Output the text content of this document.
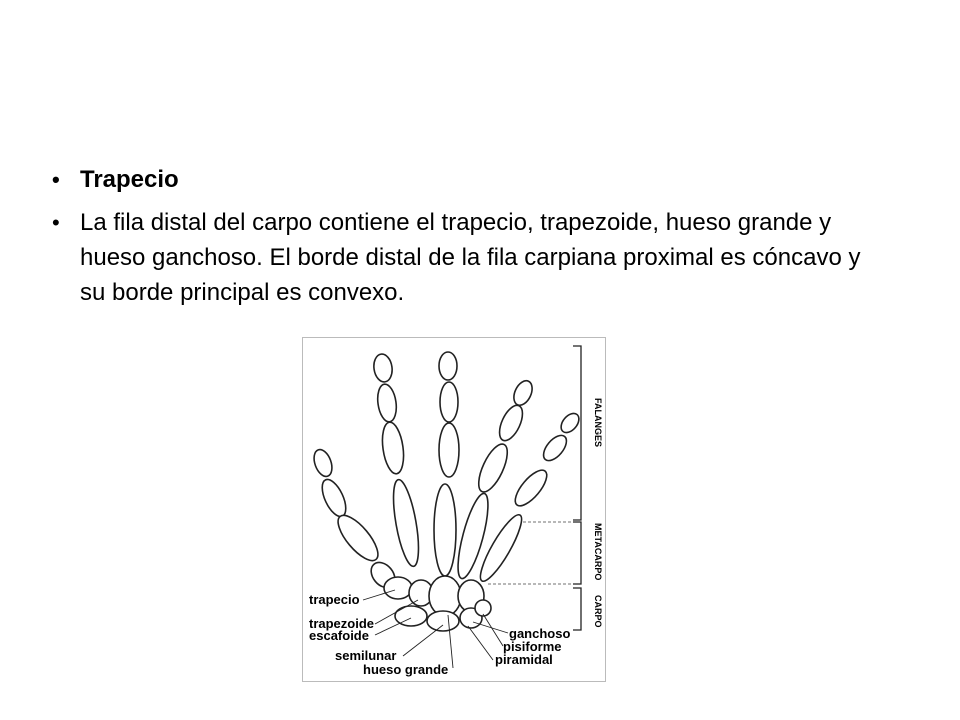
• Trapecio
• La fila distal del carpo contiene el trapecio, trapezoide, hueso grande y hueso ganchoso. El borde distal de la fila carpiana proximal es cóncavo y su borde principal es convexo.
FALANGES
METACARPO
CARPO
trapecio
trapezoide
escafoide
semilunar
hueso grande
ganchoso
pisiforme
piramidal
